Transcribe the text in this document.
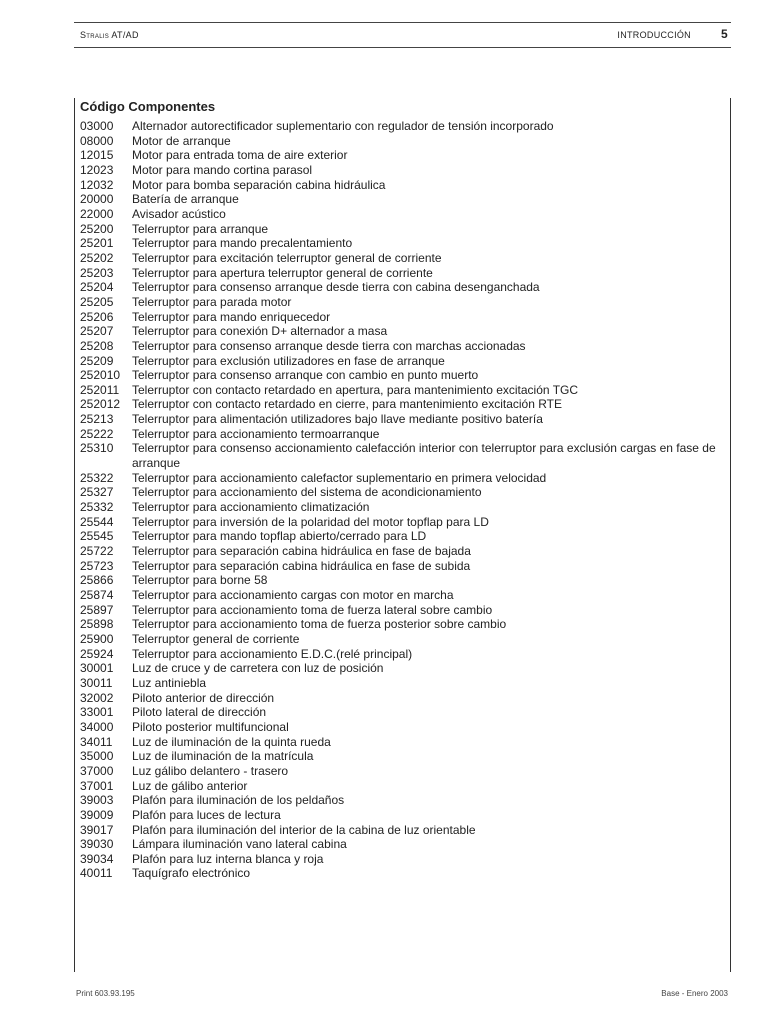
Stralis AT/AD	INTRODUCCIÓN	5
Código Componentes
03000	Alternador autorectificador suplementario con regulador de tensión incorporado
08000	Motor de arranque
12015	Motor para entrada toma de aire exterior
12023	Motor para mando cortina parasol
12032	Motor para bomba separación cabina hidráulica
20000	Batería de arranque
22000	Avisador acústico
25200	Telerruptor para arranque
25201	Telerruptor para mando precalentamiento
25202	Telerruptor para excitación telerruptor general de corriente
25203	Telerruptor para apertura telerruptor general de corriente
25204	Telerruptor para consenso arranque desde tierra con cabina desenganchada
25205	Telerruptor para parada motor
25206	Telerruptor para mando enriquecedor
25207	Telerruptor para conexión D+ alternador a masa
25208	Telerruptor para consenso arranque desde tierra con marchas accionadas
25209	Telerruptor para exclusión utilizadores en fase de arranque
252010 Telerruptor para consenso arranque con cambio en punto muerto
252011	Telerruptor con contacto retardado en apertura, para mantenimiento excitación TGC
252012 Telerruptor con contacto retardado en cierre, para mantenimiento excitación RTE
25213	Telerruptor para alimentación utilizadores bajo llave mediante positivo batería
25222	Telerruptor para accionamiento termoarranque
25310	Telerruptor para consenso accionamiento calefacción interior con telerruptor para exclusión cargas en fase de arranque
25322	Telerruptor para accionamiento calefactor suplementario en primera velocidad
25327	Telerruptor para accionamiento del sistema de acondicionamiento
25332	Telerruptor para accionamiento climatización
25544	Telerruptor para inversión de la polaridad del motor topflap para LD
25545	Telerruptor para mando topflap abierto/cerrado para LD
25722	Telerruptor para separación cabina hidráulica en fase de bajada
25723	Telerruptor para separación cabina hidráulica en fase de subida
25866	Telerruptor para borne 58
25874	Telerruptor para accionamiento cargas con motor en marcha
25897	Telerruptor para accionamiento toma de fuerza lateral sobre cambio
25898	Telerruptor para accionamiento toma de fuerza posterior sobre cambio
25900	Telerruptor general de corriente
25924	Telerruptor para accionamiento E.D.C.(relé principal)
30001	Luz de cruce y de carretera con luz de posición
30011	Luz antiniebla
32002	Piloto anterior de dirección
33001	Piloto lateral de dirección
34000	Piloto posterior multifuncional
34011	Luz de iluminación de la quinta rueda
35000	Luz de iluminación de la matrícula
37000	Luz gálibo delantero - trasero
37001	Luz de gálibo anterior
39003	Plafón para iluminación de los peldaños
39009	Plafón para luces de lectura
39017	Plafón para iluminación del interior de la cabina de luz orientable
39030	Lámpara iluminación vano lateral cabina
39034	Plafón para luz interna blanca y roja
40011	Taquígrafo electrónico
Print 603.93.195	Base - Enero 2003
